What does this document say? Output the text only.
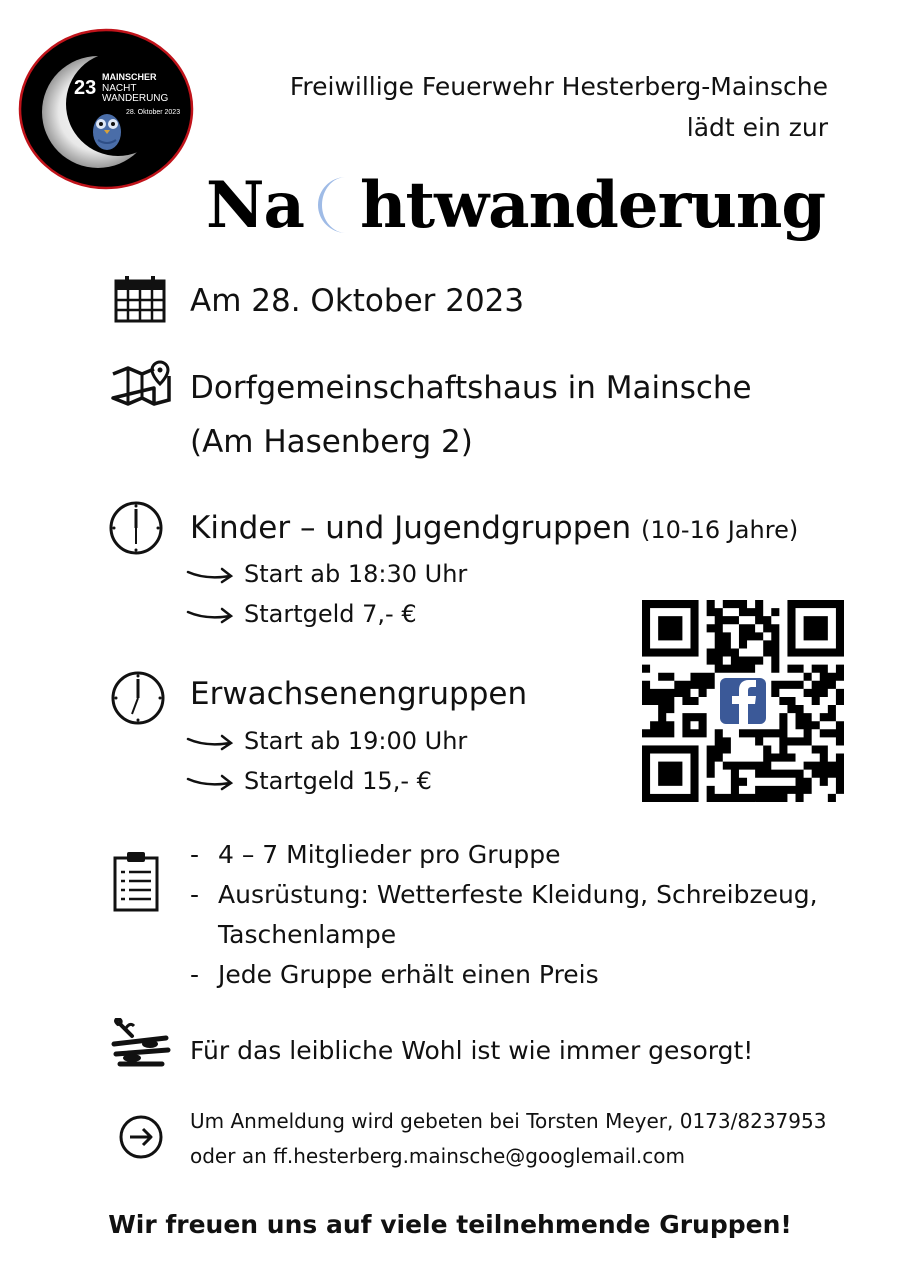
23 MAINSCHER
NACHT
WANDERUNG
28. Oktober 2023
Freiwillige Feuerwehr Hesterberg-Mainsche
lädt ein zur
Na htwanderung
Am 28. Oktober 2023
Dorfgemeinschaftshaus in Mainsche
(Am Hasenberg 2)
Kinder – und Jugendgruppen (10-16 Jahre)
Start ab 18:30 Uhr
Startgeld 7,- €
Erwachsenengruppen
Start ab 19:00 Uhr
Startgeld 15,- €
- 4 – 7 Mitglieder pro Gruppe
- Ausrüstung: Wetterfeste Kleidung, Schreibzeug,
Taschenlampe
- Jede Gruppe erhält einen Preis
Für das leibliche Wohl ist wie immer gesorgt!
Um Anmeldung wird gebeten bei Torsten Meyer, 0173/8237953
oder an ff.hesterberg.mainsche@googlemail.com
Wir freuen uns auf viele teilnehmende Gruppen!
